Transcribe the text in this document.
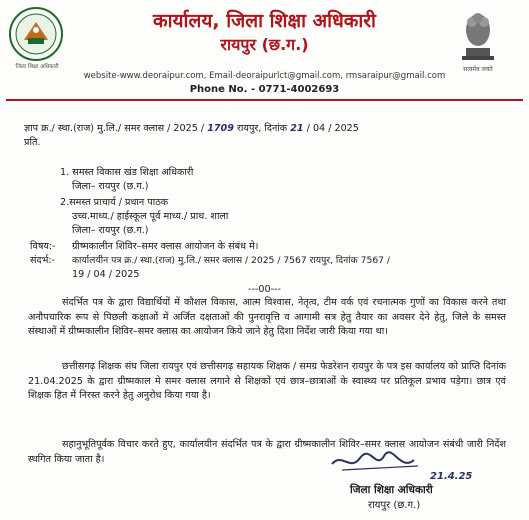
जिला शिक्षा अधिकारी	सत्यमेव जयते
कार्यालय, जिला शिक्षा अधिकारी
रायपुर (छ.ग.)
website-www.deoraipur.com, Email-deoraipurlct@gmail.com, rmsaraipur@gmail.com
Phone No. - 0771-4002693
ज्ञाप क्र./ स्था.(राज) मु.लि./ समर क्लास / 2025 / 1709 रायपुर, दिनांक 21 / 04 / 2025
प्रति.
1. समस्त विकास खंड शिक्षा अधिकारी
जिला– रायपुर (छ.ग.)
2.समस्त प्राचार्य / प्रधान पाठक
उच्च.माध्य./ हाईस्कूल पूर्व माध्य./ प्राथ. शाला
जिला– रायपुर (छ.ग.)
विषय:- ग्रीष्मकालीन शिविर–समर क्लास आयोजन के संबंध मे।
संदर्भ:- कार्यालयीन पत्र क्र./ स्था.(राज) मु.लि./ समर क्लास / 2025 / 7567 रायपुर, दिनांक 7567 /
19 / 04 / 2025
---00---
संदर्भित पत्र के द्वारा विद्यार्थियों में कौशल विकास, आत्म विश्वास, नेतृत्व, टीम वर्क एवं रचनात्मक गुणों का विकास करने तथा अनौपचारिक रूप से पिछली कक्षाओं में अर्जित दक्षताओं की पुनरावृत्ति व आगामी सत्र हेतु तैयार का अवसर देने हेतु, जिले के समस्त संस्थाओं में ग्रीष्मकालीन शिविर–समर क्लास का आयोजन किये जाने हेतु दिशा निर्देश जारी किया गया था।
छत्तीसगढ़ शिक्षक संघ जिला रायपुर एवं छत्तीसगढ़ सहायक शिक्षक / समग्र फेडरेशन रायपुर के पत्र इस कार्यालय को प्राप्ति दिनांक 21.04.2025 के द्वारा ग्रीष्मकाल मे समर क्लास लगाने से शिक्षकों एवं छात्र–छात्राओं के स्वास्थ्य पर प्रतिकूल प्रभाव पड़ेगा। छात्र एवं शिक्षक हित में निरस्त करने हेतु अनुरोध किया गया है।
सहानुभूतिपूर्वक विचार करते हुए, कार्यालयीन संदर्भित पत्र के द्वारा ग्रीष्मकालीन शिविर–समर क्लास आयोजन संबंधी जारी निर्देश स्थगित किया जाता है।
21.4.25
जिला शिक्षा अधिकारी
रायपुर (छ.ग.)
